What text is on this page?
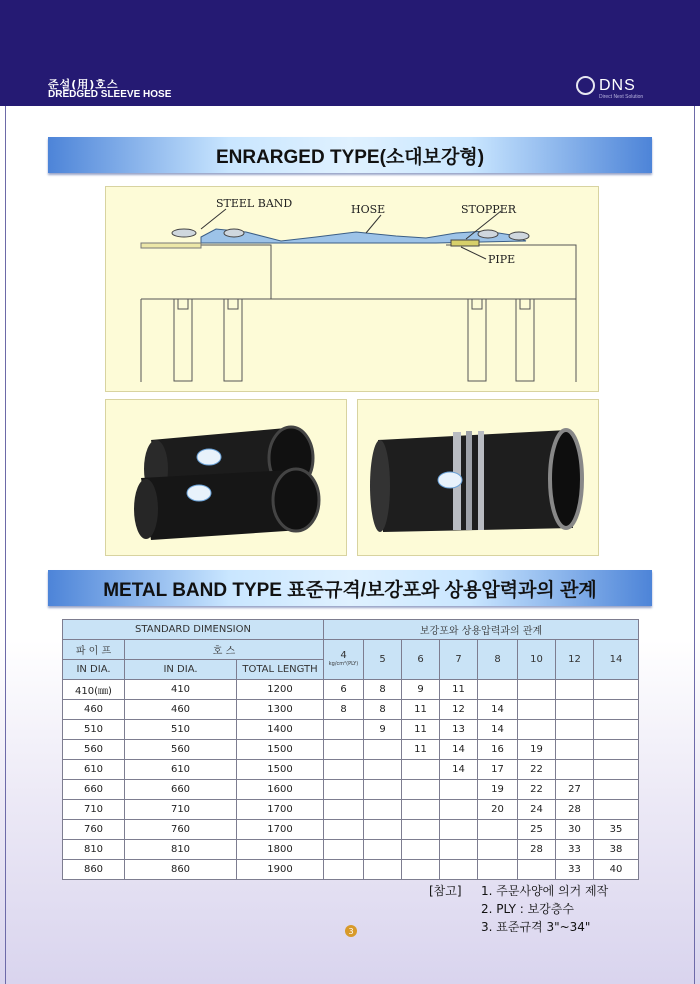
준설(用)호스
DREDGED SLEEVE HOSE
DNS
Direct Next Solution
ENRARGED TYPE(소대보강형)
STEEL BAND	HOSE	STOPPER
PIPE
METAL BAND TYPE 표준규격/보강포와 상용압력과의 관계
STANDARD DIMENSION			보강포와 상용압력과의 관계							
파 이 프	호 스		4
kg/cm²(PLY)	5	6	7	8	10	12	14
IN DIA.	IN DIA.	TOTAL LENGTH								
410(㎜)	410	1200	6	8	9	11				
460	460	1300	8	8	11	12	14			
510	510	1400		9	11	13	14			
560	560	1500			11	14	16	19		
610	610	1500				14	17	22		
660	660	1600					19	22	27	
710	710	1700					20	24	28	
760	760	1700						25	30	35
810	810	1800						28	33	38
860	860	1900							33	40
[참고]	1. 주문사양에 의거 제작
2. PLY : 보강층수
3. 표준규격 3"~34"
3
